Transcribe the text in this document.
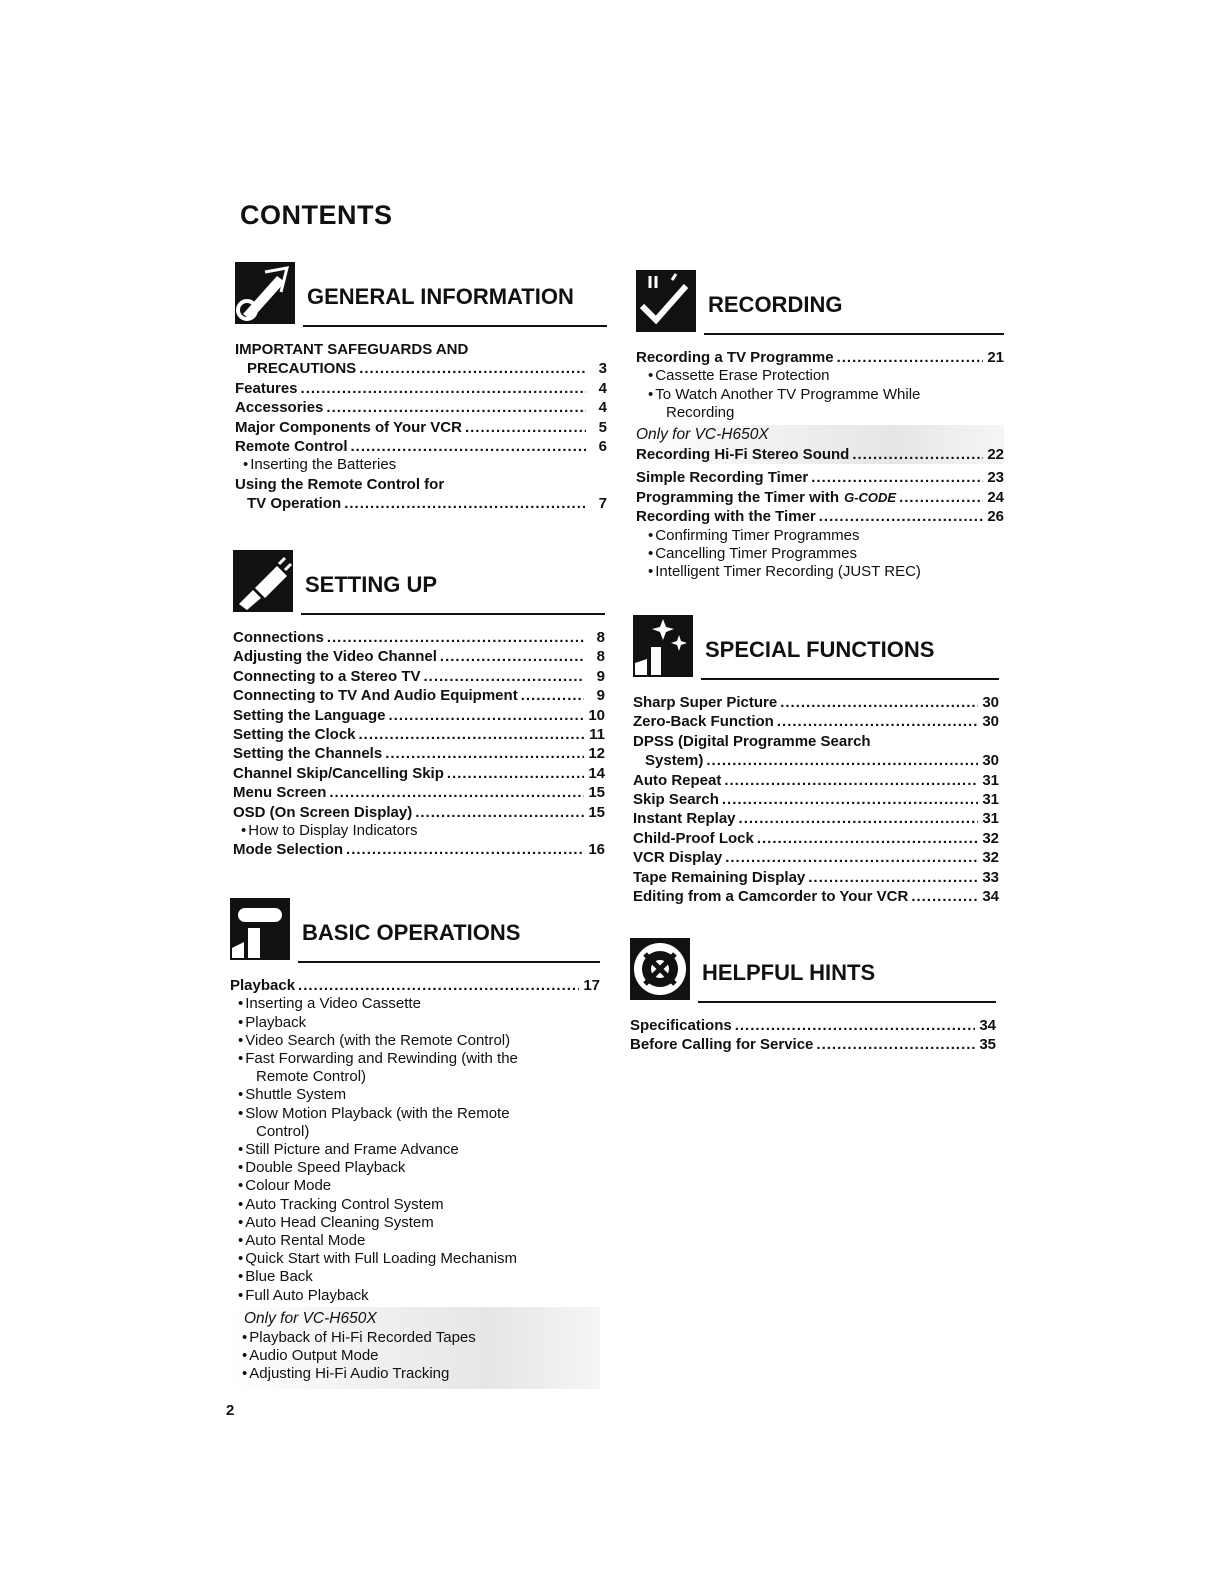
CONTENTS
GENERAL INFORMATION
IMPORTANT SAFEGUARDS AND
PRECAUTIONS .....	3
Features .....	4
Accessories .....	4
Major Components of Your VCR .....	5
Remote Control .....	6
• Inserting the Batteries
Using the Remote Control for
TV Operation .....	7
SETTING UP
Connections .....	8
Adjusting the Video Channel .....	8
Connecting to a Stereo TV .....	9
Connecting to TV And Audio Equipment .....	9
Setting the Language .....	10
Setting the Clock .....	11
Setting the Channels .....	12
Channel Skip/Cancelling Skip .....	14
Menu Screen .....	15
OSD (On Screen Display) .....	15
• How to Display Indicators
Mode Selection .....	16
BASIC OPERATIONS
Playback .....	17
• Inserting a Video Cassette
• Playback
• Video Search (with the Remote Control)
• Fast Forwarding and Rewinding (with the
Remote Control)
• Shuttle System
• Slow Motion Playback (with the Remote
Control)
• Still Picture and Frame Advance
• Double Speed Playback
• Colour Mode
• Auto Tracking Control System
• Auto Head Cleaning System
• Auto Rental Mode
• Quick Start with Full Loading Mechanism
• Blue Back
• Full Auto Playback
Only for VC-H650X
• Playback of Hi-Fi Recorded Tapes
• Audio Output Mode
• Adjusting Hi-Fi Audio Tracking
RECORDING
Recording a TV Programme .....	21
• Cassette Erase Protection
• To Watch Another TV Programme While
Recording
Only for VC-H650X
Recording Hi-Fi Stereo Sound .....	22
Simple Recording Timer .....	23
Programming the Timer with G-CODE .....	24
Recording with the Timer .....	26
• Confirming Timer Programmes
• Cancelling Timer Programmes
• Intelligent Timer Recording (JUST REC)
SPECIAL FUNCTIONS
Sharp Super Picture .....	30
Zero-Back Function .....	30
DPSS (Digital Programme Search
System) .....	30
Auto Repeat .....	31
Skip Search .....	31
Instant Replay .....	31
Child-Proof Lock .....	32
VCR Display .....	32
Tape Remaining Display .....	33
Editing from a Camcorder to Your VCR .....	34
HELPFUL HINTS
Specifications .....	34
Before Calling for Service .....	35
2
